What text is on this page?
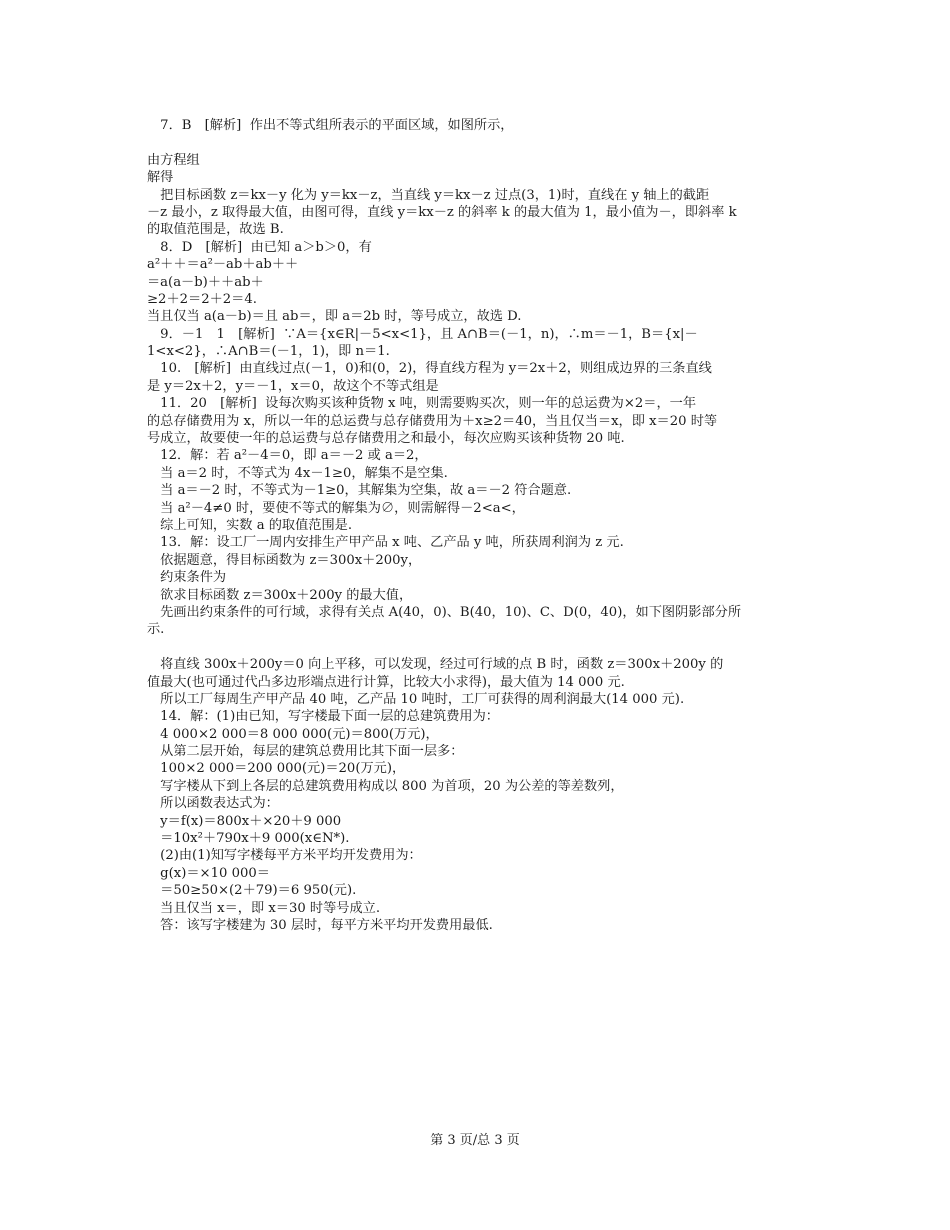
　7．B　[解析]  作出不等式组所表示的平面区域，如图所示，
由方程组
解得
　把目标函数 z＝kx－y 化为 y＝kx－z，当直线 y＝kx－z 过点(3，1)时，直线在 y 轴上的截距
－z 最小，z 取得最大值，由图可得，直线 y＝kx－z 的斜率 k 的最大值为 1，最小值为－，即斜率 k
的取值范围是，故选 B.
　8．D　[解析]  由已知 a＞b＞0，有
a²＋＋＝a²－ab＋ab＋＋
＝a(a－b)＋＋ab＋
≥2＋2＝2＋2＝4.
当且仅当 a(a－b)＝且 ab＝，即 a＝2b 时，等号成立，故选 D.
　9．－1　1　[解析]  ∵A＝{x∈R|－5<x<1}，且 A∩B＝(－1，n)，∴m＝－1，B＝{x|－
1<x<2}，∴A∩B＝(－1，1)，即 n＝1.
　10.　[解析]  由直线过点(－1，0)和(0，2)，得直线方程为 y＝2x＋2，则组成边界的三条直线
是 y＝2x＋2，y＝－1，x＝0，故这个不等式组是
　11．20　[解析]  设每次购买该种货物 x 吨，则需要购买次，则一年的总运费为×2＝，一年
的总存储费用为 x，所以一年的总运费与总存储费用为＋x≥2＝40，当且仅当＝x，即 x＝20 时等
号成立，故要使一年的总运费与总存储费用之和最小，每次应购买该种货物 20 吨.
　12．解：若 a²－4＝0，即 a＝－2 或 a＝2，
　当 a＝2 时，不等式为 4x－1≥0，解集不是空集.
　当 a＝－2 时，不等式为－1≥0，其解集为空集，故 a＝－2 符合题意.
　当 a²－4≠0 时，要使不等式的解集为∅，则需解得－2<a<，
　综上可知，实数 a 的取值范围是.
　13．解：设工厂一周内安排生产甲产品 x 吨、乙产品 y 吨，所获周利润为 z 元.
　依据题意，得目标函数为 z＝300x＋200y，
　约束条件为
　欲求目标函数 z＝300x＋200y 的最大值，
　先画出约束条件的可行域，求得有关点 A(40，0)、B(40，10)、C、D(0，40)，如下图阴影部分所
示.
　将直线 300x＋200y＝0 向上平移，可以发现，经过可行域的点 B 时，函数 z＝300x＋200y 的
值最大(也可通过代凸多边形端点进行计算，比较大小求得)，最大值为 14 000 元.
　所以工厂每周生产甲产品 40 吨，乙产品 10 吨时，工厂可获得的周利润最大(14 000 元).
　14．解：(1)由已知，写字楼最下面一层的总建筑费用为：
　4 000×2 000＝8 000 000(元)＝800(万元)，
　从第二层开始，每层的建筑总费用比其下面一层多：
　100×2 000＝200 000(元)＝20(万元)，
　写字楼从下到上各层的总建筑费用构成以 800 为首项，20 为公差的等差数列，
　所以函数表达式为：
　y＝f(x)＝800x＋×20＋9 000
　＝10x²＋790x＋9 000(x∈N*).
　(2)由(1)知写字楼每平方米平均开发费用为：
　g(x)＝×10 000＝
　＝50≥50×(2＋79)＝6 950(元).
　当且仅当 x＝，即 x＝30 时等号成立.
　答：该写字楼建为 30 层时，每平方米平均开发费用最低.
第 3 页/总 3 页
